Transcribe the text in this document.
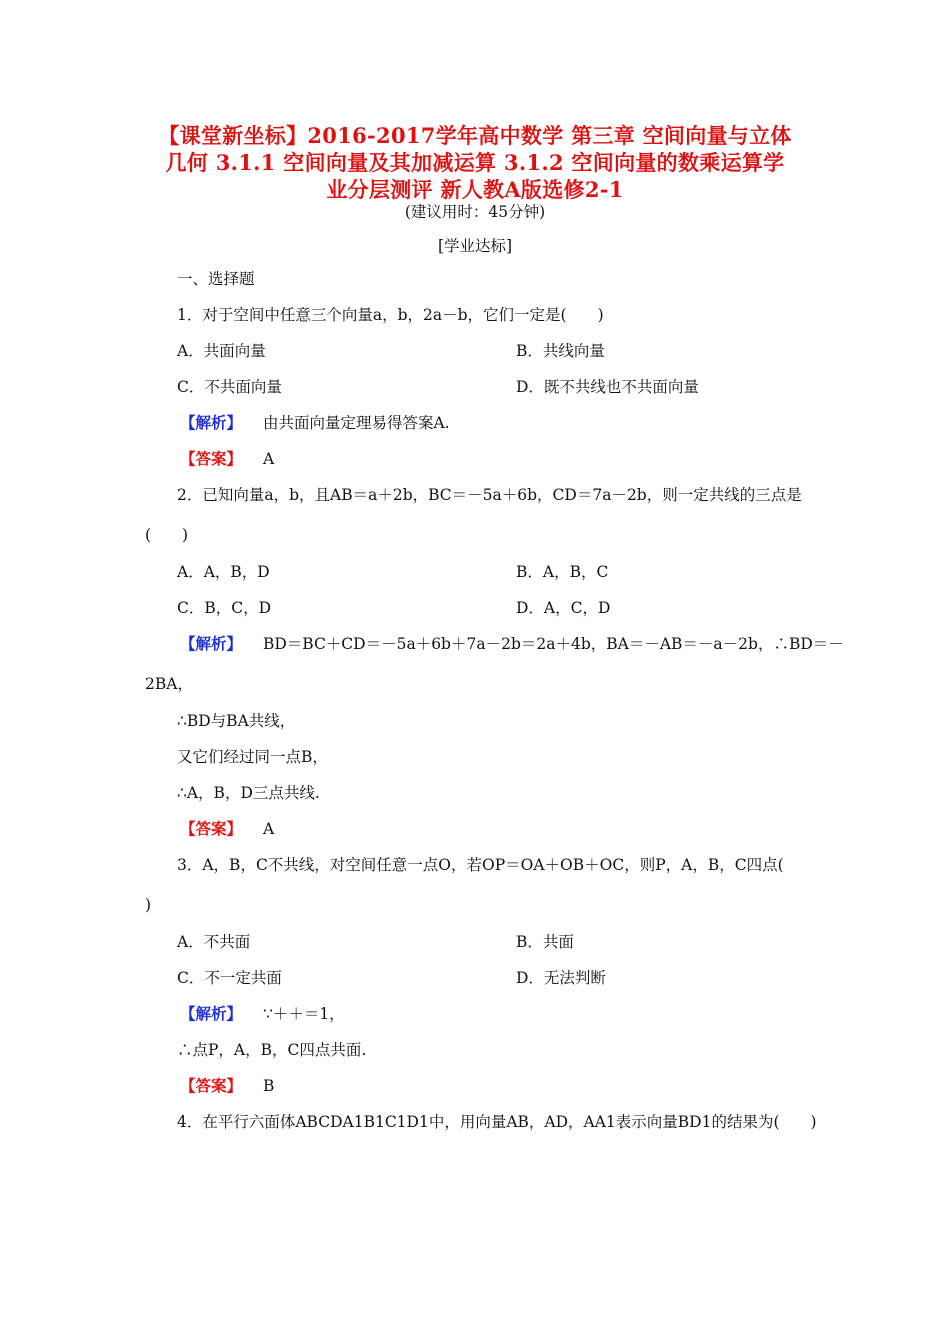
【课堂新坐标】2016-2017学年高中数学 第三章 空间向量与立体
几何 3.1.1 空间向量及其加减运算 3.1.2 空间向量的数乘运算学
业分层测评 新人教A版选修2-1
(建议用时：45分钟)
[学业达标]
一、选择题
1．对于空间中任意三个向量a，b，2a－b，它们一定是(　　)
A．共面向量	B．共线向量
C．不共面向量	D．既不共线也不共面向量
【解析】 由共面向量定理易得答案A.
【答案】 A
2．已知向量a，b，且AB＝a＋2b，BC＝－5a＋6b，CD＝7a－2b，则一定共线的三点是
(　　)
A．A，B，D	B．A，B，C
C．B，C，D	D．A，C，D
【解析】 BD＝BC＋CD＝－5a＋6b＋7a－2b＝2a＋4b，BA＝－AB＝－a－2b，∴BD＝－
2BA，
∴BD与BA共线，
又它们经过同一点B，
∴A，B，D三点共线.
【答案】 A
3．A，B，C不共线，对空间任意一点O，若OP＝OA＋OB＋OC，则P，A，B，C四点(
)
A．不共面	B．共面
C．不一定共面	D．无法判断
【解析】 ∵＋＋＝1，
∴点P，A，B，C四点共面.
【答案】 B
4．在平行六面体ABCDA1B1C1D1中，用向量AB，AD，AA1表示向量BD1的结果为(　　)
